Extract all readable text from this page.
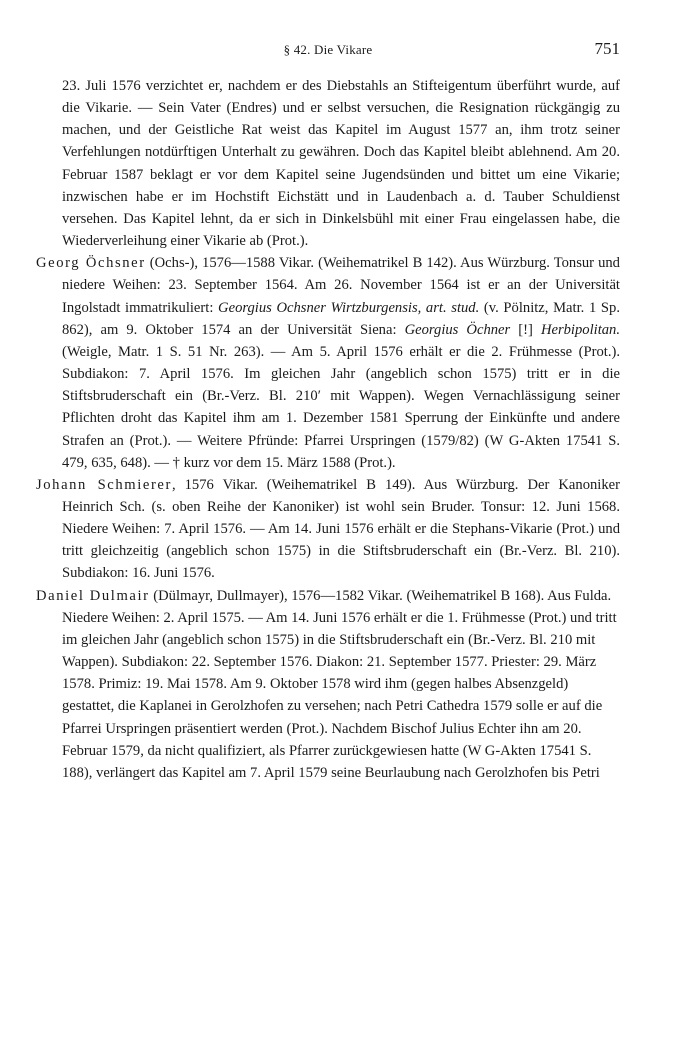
§ 42. Die Vikare	751

23. Juli 1576 verzichtet er, nachdem er des Diebstahls an Stifteigentum überführt wurde, auf die Vikarie. — Sein Vater (Endres) und er selbst versuchen, die Resignation rückgängig zu machen, und der Geistliche Rat weist das Kapitel im August 1577 an, ihm trotz seiner Verfehlungen notdürftigen Unterhalt zu gewähren. Doch das Kapitel bleibt ablehnend. Am 20. Februar 1587 beklagt er vor dem Kapitel seine Jugendsünden und bittet um eine Vikarie; inzwischen habe er im Hochstift Eichstätt und in Laudenbach a. d. Tauber Schuldienst versehen. Das Kapitel lehnt, da er sich in Dinkelsbühl mit einer Frau eingelassen habe, die Wiederverleihung einer Vikarie ab (Prot.).

Georg Öchsner (Ochs-), 1576—1588 Vikar. (Weihematrikel B 142). Aus Würzburg. Tonsur und niedere Weihen: 23. September 1564. Am 26. November 1564 ist er an der Universität Ingolstadt immatrikuliert: Georgius Ochsner Wirtzburgensis, art. stud. (v. Pölnitz, Matr. 1 Sp. 862), am 9. Oktober 1574 an der Universität Siena: Georgius Öchner [!] Herbipolitan. (Weigle, Matr. 1 S. 51 Nr. 263). — Am 5. April 1576 erhält er die 2. Frühmesse (Prot.). Subdiakon: 7. April 1576. Im gleichen Jahr (angeblich schon 1575) tritt er in die Stiftsbruderschaft ein (Br.-Verz. Bl. 210′ mit Wappen). Wegen Vernachlässigung seiner Pflichten droht das Kapitel ihm am 1. Dezember 1581 Sperrung der Einkünfte und andere Strafen an (Prot.). — Weitere Pfründe: Pfarrei Urspringen (1579/82) (W G-Akten 17541 S. 479, 635, 648). — † kurz vor dem 15. März 1588 (Prot.).

Johann Schmierer, 1576 Vikar. (Weihematrikel B 149). Aus Würzburg. Der Kanoniker Heinrich Sch. (s. oben Reihe der Kanoniker) ist wohl sein Bruder. Tonsur: 12. Juni 1568. Niedere Weihen: 7. April 1576. — Am 14. Juni 1576 erhält er die Stephans-Vikarie (Prot.) und tritt gleichzeitig (angeblich schon 1575) in die Stiftsbruderschaft ein (Br.-Verz. Bl. 210). Subdiakon: 16. Juni 1576.

Daniel Dulmair (Dülmayr, Dullmayer), 1576—1582 Vikar. (Weihematrikel B 168). Aus Fulda. Niedere Weihen: 2. April 1575. — Am 14. Juni 1576 erhält er die 1. Frühmesse (Prot.) und tritt im gleichen Jahr (angeblich schon 1575) in die Stiftsbruderschaft ein (Br.-Verz. Bl. 210 mit Wappen). Subdiakon: 22. September 1576. Diakon: 21. September 1577. Priester: 29. März 1578. Primiz: 19. Mai 1578. Am 9. Oktober 1578 wird ihm (gegen halbes Absenzgeld) gestattet, die Kaplanei in Gerolzhofen zu versehen; nach Petri Cathedra 1579 solle er auf die Pfarrei Urspringen präsentiert werden (Prot.). Nachdem Bischof Julius Echter ihn am 20. Februar 1579, da nicht qualifiziert, als Pfarrer zurückgewiesen hatte (W G-Akten 17541 S. 188), verlängert das Kapitel am 7. April 1579 seine Beurlaubung nach Gerolzhofen bis Petri
